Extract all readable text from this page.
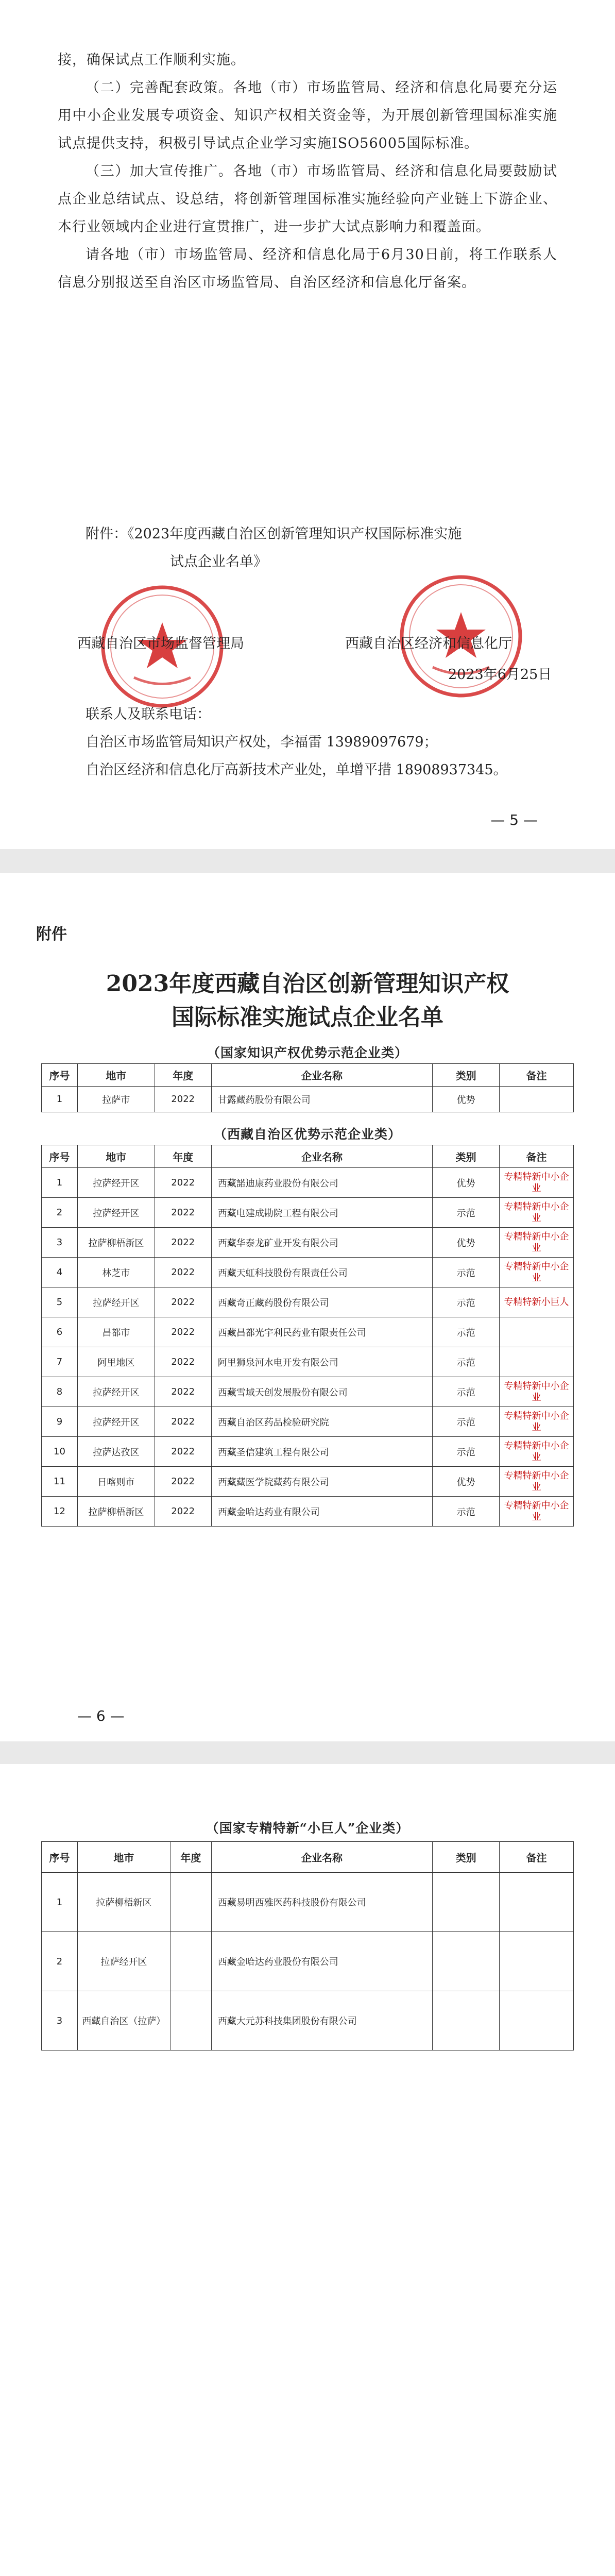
接，确保试点工作顺利实施。
（二）完善配套政策。各地（市）市场监管局、经济和信息化局要充分运用中小企业发展专项资金、知识产权相关资金等，为开展创新管理国标准实施试点提供支持，积极引导试点企业学习实施ISO56005国际标准。
（三）加大宣传推广。各地（市）市场监管局、经济和信息化局要鼓励试点企业总结试点、设总结，将创新管理国标准实施经验向产业链上下游企业、本行业领域内企业进行宣贯推广，进一步扩大试点影响力和覆盖面。
请各地（市）市场监管局、经济和信息化局于6月30日前，将工作联系人信息分别报送至自治区市场监管局、自治区经济和信息化厅备案。
附件：《2023年度西藏自治区创新管理知识产权国际标准实施
试点企业名单》
西藏自治区市场监督管理局	西藏自治区经济和信息化厅
2023年6月25日
联系人及联系电话：
自治区市场监管局知识产权处，李福雷 13989097679；
自治区经济和信息化厅高新技术产业处，单增平措 18908937345。
— 5 —
附件
2023年度西藏自治区创新管理知识产权
国际标准实施试点企业名单
（国家知识产权优势示范企业类）
序号	地市	年度	企业名称	类别	备注
1	拉萨市	2022	甘露藏药股份有限公司	优势	
（西藏自治区优势示范企业类）
序号	地市	年度	企业名称	类别	备注
1	拉萨经开区	2022	西藏諾迪康药业股份有限公司	优势	专精特新中小企业
2	拉萨经开区	2022	西藏电建成勘院工程有限公司	示范	专精特新中小企业
3	拉萨柳梧新区	2022	西藏华泰龙矿业开发有限公司	优势	专精特新中小企业
4	林芝市	2022	西藏天虹科技股份有限责任公司	示范	专精特新中小企业
5	拉萨经开区	2022	西藏奇正藏药股份有限公司	示范	专精特新小巨人
6	昌都市	2022	西藏昌都光宇利民药业有限责任公司	示范	
7	阿里地区	2022	阿里狮泉河水电开发有限公司	示范	
8	拉萨经开区	2022	西藏雪域天创发展股份有限公司	示范	专精特新中小企业
9	拉萨经开区	2022	西藏自治区药品检验研究院	示范	专精特新中小企业
10	拉萨达孜区	2022	西藏圣信建筑工程有限公司	示范	专精特新中小企业
11	日喀则市	2022	西藏藏医学院藏药有限公司	优势	专精特新中小企业
12	拉萨柳梧新区	2022	西藏金哈达药业有限公司	示范	专精特新中小企业
— 6 —
（国家专精特新“小巨人”企业类）
序号	地市	年度	企业名称	类别	备注
1	拉萨柳梧新区		西藏易明西雅医药科技股份有限公司		
2	拉萨经开区		西藏金哈达药业股份有限公司		
3	西藏自治区（拉萨）		西藏大元苏科技集团股份有限公司		
